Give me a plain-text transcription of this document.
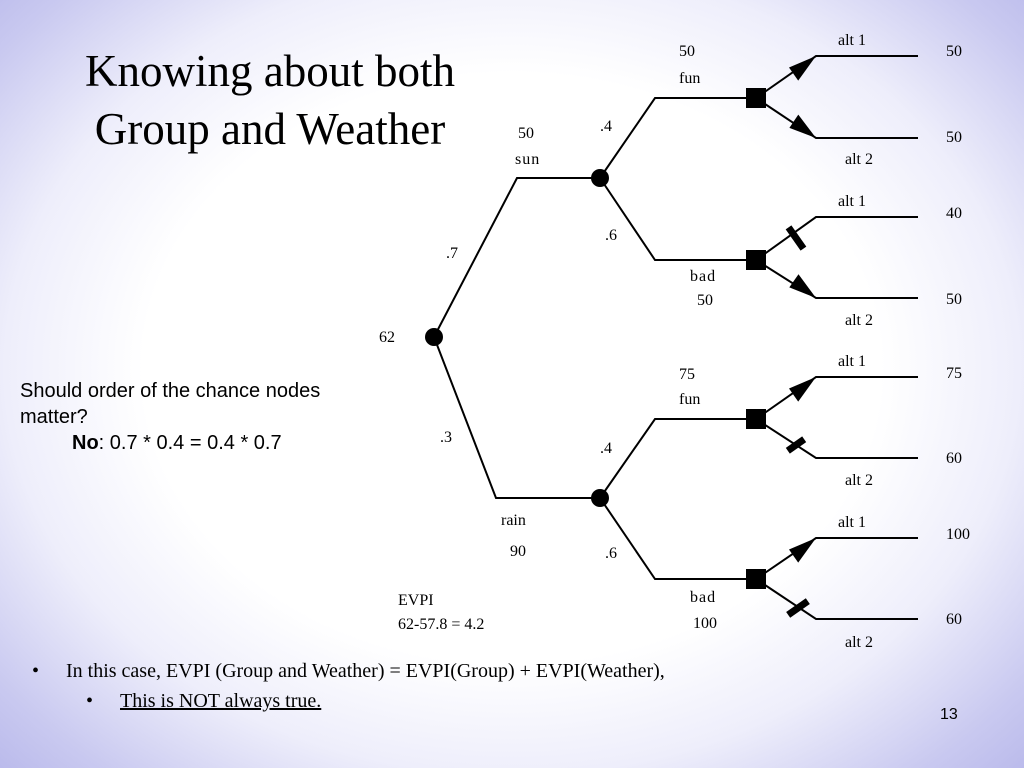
Knowing about both
Group and Weather
Should order of the chance nodes
matter?
No: 0.7 * 0.4 = 0.4 * 0.7
62
50
sun
.7
.3
rain
90
.4
50
fun
.6
bad
50
.4
75
fun
.6
bad
100
alt 1
alt 2
alt 1
alt 2
alt 1
alt 2
alt 1
alt 2
50
50
40
50
75
60
100
60
EVPI
62-57.8 = 4.2
•	In this case, EVPI (Group and Weather) = EVPI(Group) + EVPI(Weather),
•	This is NOT always true.
13
